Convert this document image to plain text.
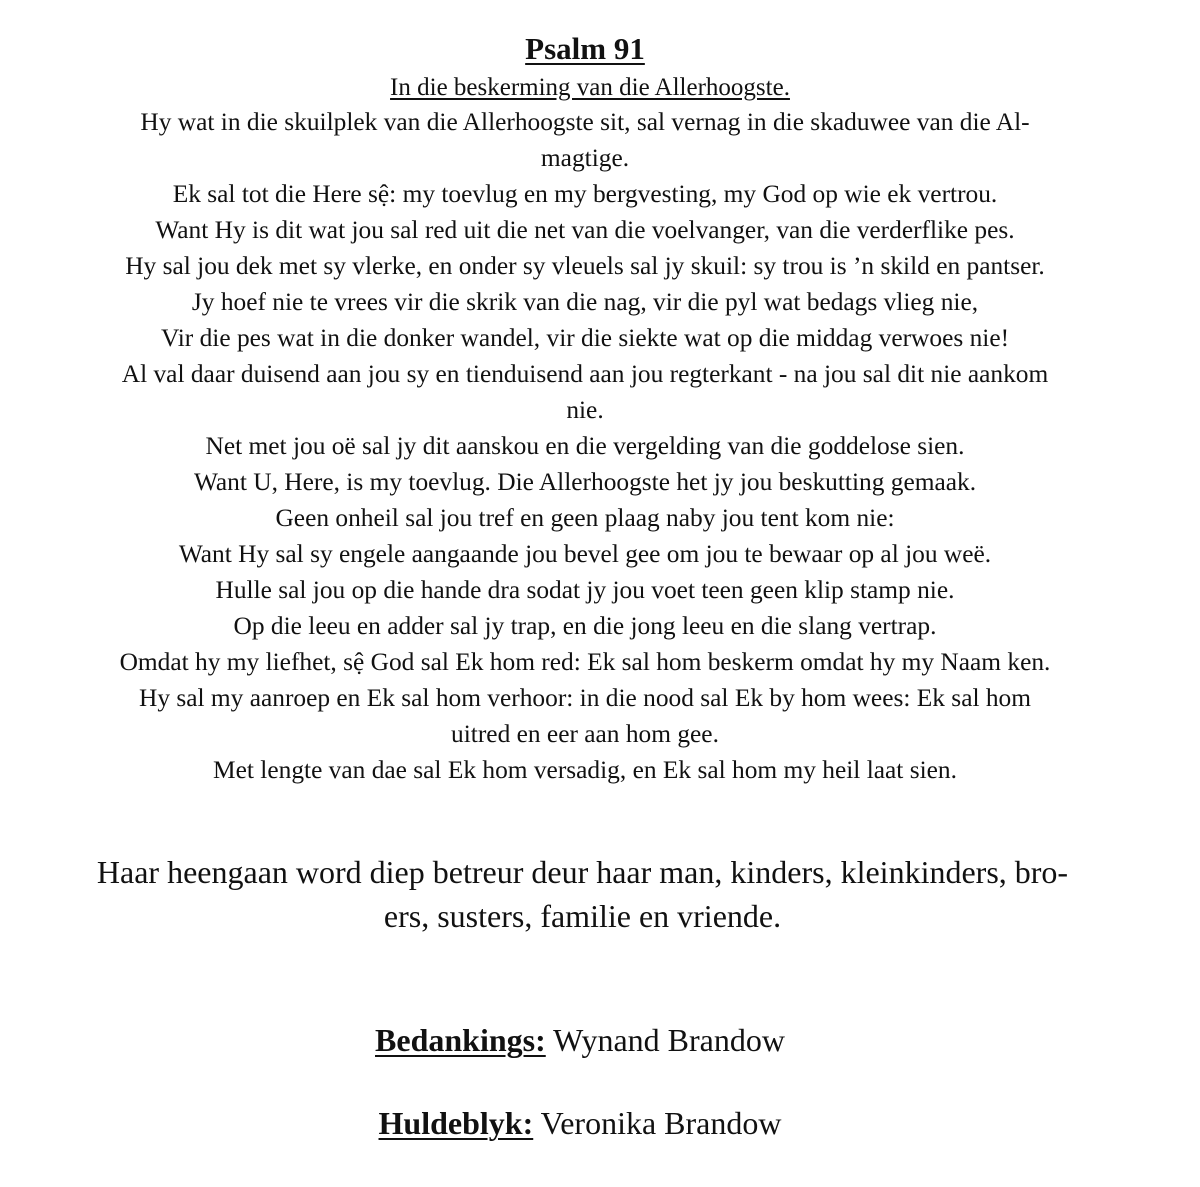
Psalm 91
In die beskerming van die Allerhoogste.
Hy wat in die skuilplek van die Allerhoogste sit, sal vernag in die skaduwee van die Al-
magtige.
Ek sal tot die Here sệ: my toevlug en my bergvesting, my God op wie ek vertrou.
Want Hy is dit wat jou sal red uit die net van die voelvanger, van die verderflike pes.
Hy sal jou dek met sy vlerke, en onder sy vleuels sal jy skuil: sy trou is ’n skild en pantser.
Jy hoef nie te vrees vir die skrik van die nag, vir die pyl wat bedags vlieg nie,
Vir die pes wat in die donker wandel, vir die siekte wat op die middag verwoes nie!
Al val daar duisend aan jou sy en tienduisend aan jou regterkant - na jou sal dit nie aankom
nie.
Net met jou oë sal jy dit aanskou en die vergelding van die goddelose sien.
Want U, Here, is my toevlug. Die Allerhoogste het jy jou beskutting gemaak.
Geen onheil sal jou tref en geen plaag naby jou tent kom nie:
Want Hy sal sy engele aangaande jou bevel gee om jou te bewaar op al jou weë.
Hulle sal jou op die hande dra sodat jy jou voet teen geen klip stamp nie.
Op die leeu en adder sal jy trap, en die jong leeu en die slang vertrap.
Omdat hy my liefhet, sệ God sal Ek hom red: Ek sal hom beskerm omdat hy my Naam ken.
Hy sal my aanroep en Ek sal hom verhoor: in die nood sal Ek by hom wees: Ek sal hom
uitred en eer aan hom gee.
Met lengte van dae sal Ek hom versadig, en Ek sal hom my heil laat sien.
Haar heengaan word diep betreur deur haar man, kinders, kleinkinders, bro-
ers, susters, familie en vriende.
Bedankings: Wynand Brandow
Huldeblyk: Veronika Brandow
